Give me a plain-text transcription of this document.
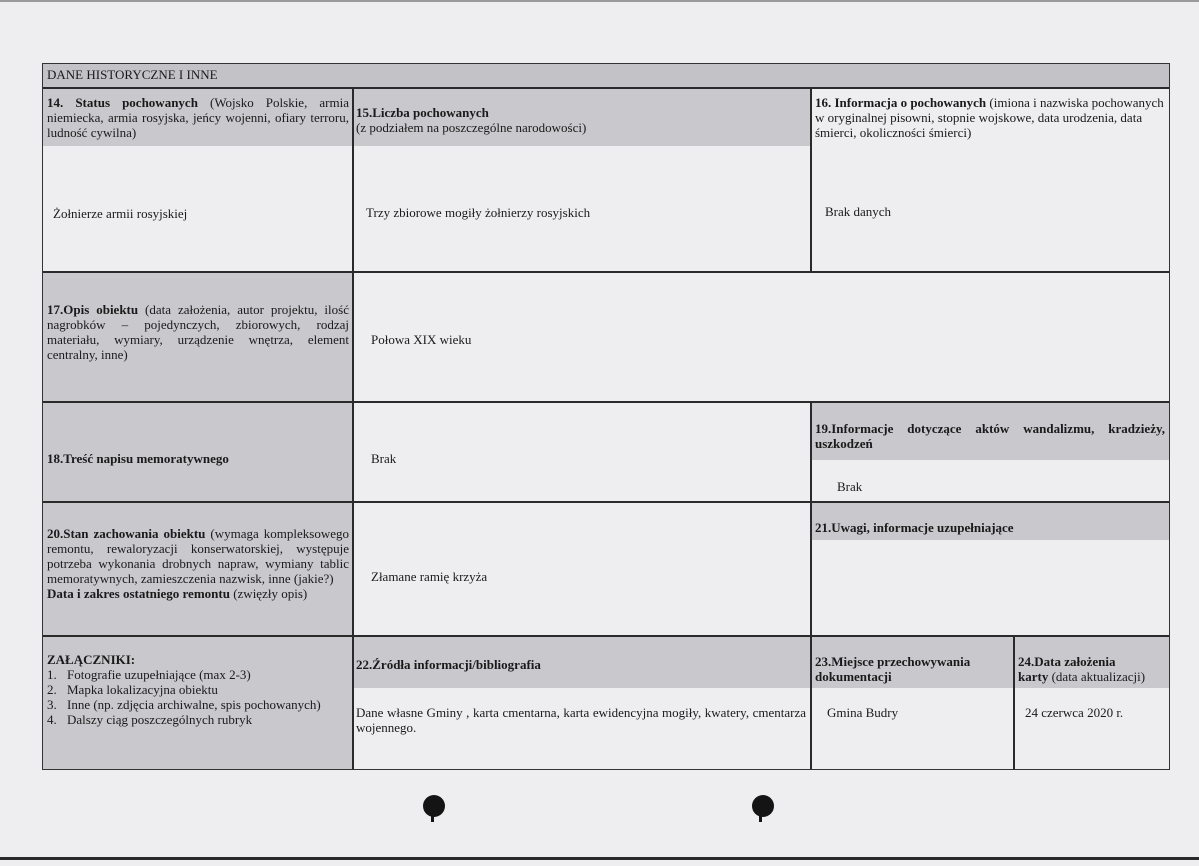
DANE HISTORYCZNE I INNE
14. Status pochowanych (Wojsko Polskie, armia niemiecka, armia rosyjska, jeńcy wojenni, ofiary terroru, ludność cywilna)
Żołnierze armii rosyjskiej
15.Liczba pochowanych
(z podziałem na poszczególne narodowości)
Trzy zbiorowe mogiły żołnierzy rosyjskich
16. Informacja o pochowanych (imiona i nazwiska pochowanych w oryginalnej pisowni, stopnie wojskowe, data urodzenia, data śmierci, okoliczności śmierci)
Brak danych
17.Opis obiektu (data założenia, autor projektu, ilość nagrobków – pojedynczych, zbiorowych, rodzaj materiału, wymiary, urządzenie wnętrza, element centralny, inne)
Połowa XIX wieku
18.Treść napisu memoratywnego	Brak
19.Informacje dotyczące aktów wandalizmu, kradzieży, uszkodzeń
Brak
20.Stan zachowania obiektu (wymaga kompleksowego remontu, rewaloryzacji konserwatorskiej, występuje potrzeba wykonania drobnych napraw, wymiany tablic memoratywnych, zamieszczenia nazwisk, inne (jakie?)
Data i zakres ostatniego remontu (zwięzły opis)
Złamane ramię krzyża
21.Uwagi, informacje uzupełniające
ZAŁĄCZNIKI:
1. Fotografie uzupełniające (max 2-3)
2. Mapka lokalizacyjna obiektu
3. Inne (np. zdjęcia archiwalne, spis pochowanych)
4. Dalszy ciąg poszczególnych rubryk
22.Źródła informacji/bibliografia
Dane własne Gminy , karta cmentarna, karta ewidencyjna mogiły, kwatery, cmentarza wojennego.
23.Miejsce przechowywania dokumentacji
Gmina Budry
24.Data założenia
karty (data aktualizacji)
24 czerwca 2020 r.
